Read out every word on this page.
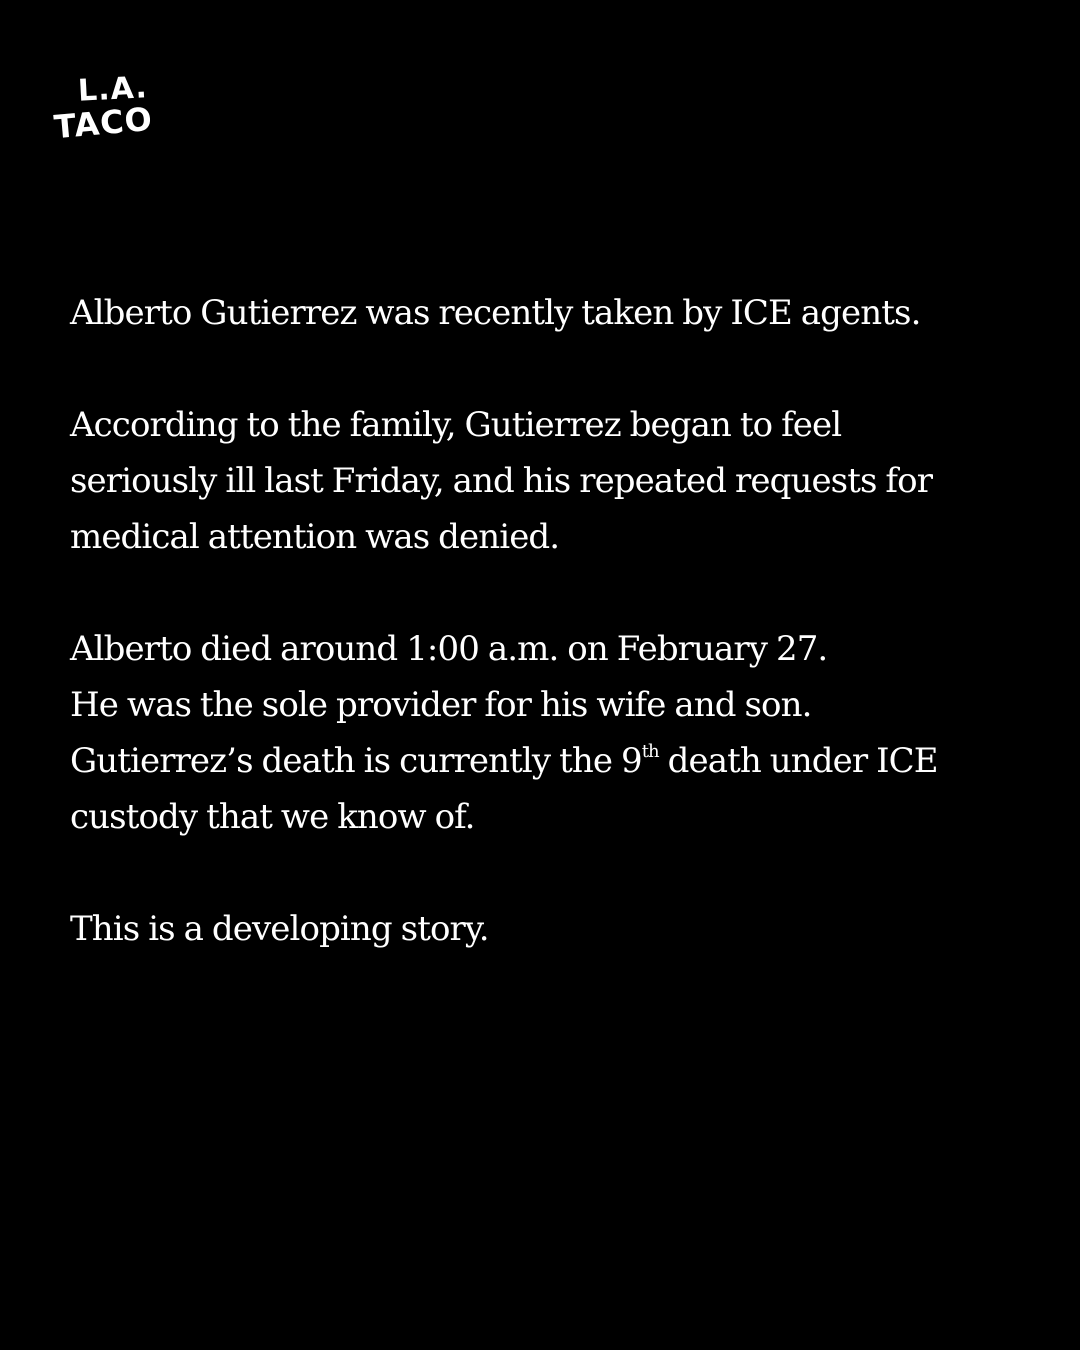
L.A.
TACO

Alberto Gutierrez was recently taken by ICE agents.

According to the family, Gutierrez began to feel
seriously ill last Friday, and his repeated requests for
medical attention was denied.

Alberto died around 1:00 a.m. on February 27.
He was the sole provider for his wife and son.
Gutierrez’s death is currently the 9th death under ICE
custody that we know of.

This is a developing story.
